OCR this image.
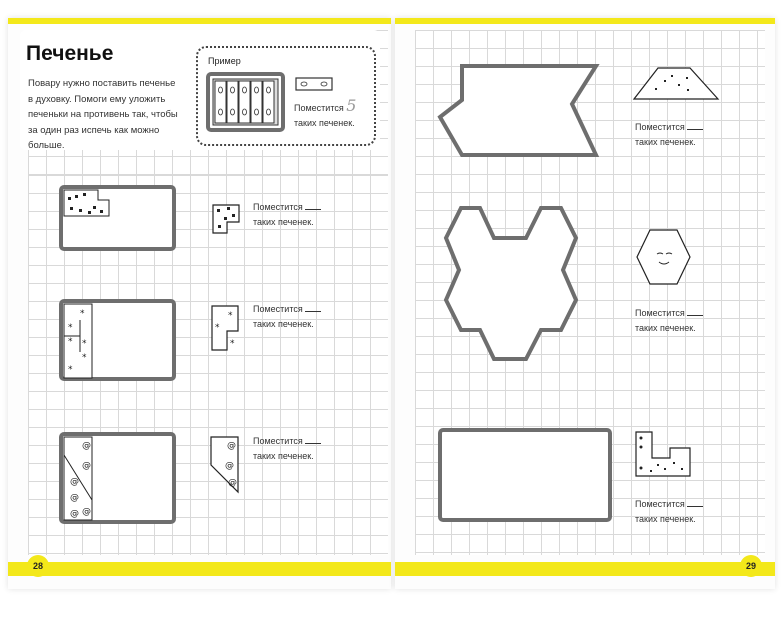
Печенье
Повару нужно поставить печенье в духовку. Помоги ему уложить печеньки на противень так, чтобы за один раз испечь как можно больше.
Пример
Поместится 5
таких печенек.
*
*
* *
*
*
*
*
*
@
@
@
@
@ @
@
@
@
Поместится
таких печенек.
Поместится
таких печенек.
Поместится
таких печенек.
Поместится
таких печенек.
Поместится
таких печенек.
Поместится
таких печенек.
28	29
